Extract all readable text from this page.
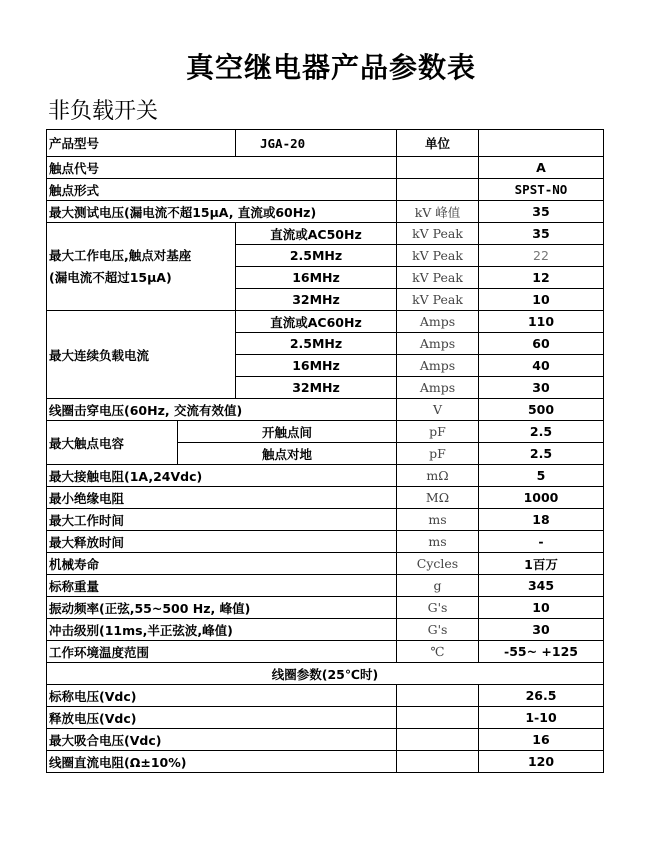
真空继电器产品参数表
非负载开关
产品型号		JGA-20	单位	
触点代号				A
触点形式				SPST-NO
最大测试电压(漏电流不超15μA, 直流或60Hz)			kV 峰值	35

最大工作电压,触点对基座
(漏电流不超过15μA)		直流或AC50Hz	kV Peak	35
		2.5MHz	kV Peak	22
		16MHz	kV Peak	12
		32MHz	kV Peak	10
最大连续负载电流		直流或AC60Hz	Amps	110
		2.5MHz	Amps	60
		16MHz	Amps	40
		32MHz	Amps	30
线圈击穿电压(60Hz, 交流有效值)			V	500
最大触点电容	开触点间		pF	2.5
	触点对地		pF	2.5
最大接触电阻(1A,24Vdc)			mΩ	5
最小绝缘电阻			MΩ	1000
最大工作时间			ms	18
最大释放时间			ms	-
机械寿命			Cycles	1百万
标称重量			g	345
振动频率(正弦,55~500 Hz, 峰值)			G's	10
冲击级别(11ms,半正弦波,峰值)			G's	30
工作环境温度范围			℃	-55~ +125
线圈参数(25℃时)				
标称电压(Vdc)				26.5
释放电压(Vdc)				1-10
最大吸合电压(Vdc)				16
线圈直流电阻(Ω±10%)				120
